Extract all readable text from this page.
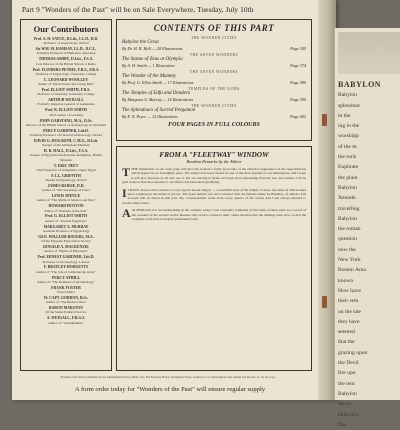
Part 9 "Wonders of the Past" will be on Sale Everywhere, Tuesday, July 10th
Our Contributors
Prof. A. H. SAYCE, D.Litt., LL.D., D.D.
Professor of Assyriology, Oxford
Sir WM. M. RAMSAY, LL.D., D.C.L.
Formerly Professor of Humanity, Aberdeen
THOMAS ASHBY, D.Litt., F.S.A.
Late Director of the British School at Rome
Prof. FLINDERS PETRIE, F.R.S., F.B.A.
Professor of Egyptology, University College
C. LEONARD WOOLLEY
Author of "Dead Towns and Living Men"
Prof. ELLIOT SMITH, F.R.S.
Professor of Anatomy, University College
ARTHUR WEIGALL
Formerly Inspector-General of Antiquities
Prof. R. ELLIOT SMITH
The Leaders of Learning
JOHN GARSTANG, M.A., D.Sc.
Director of the British School of Archaeology in Jerusalem
PERCY GARDNER, Litt.D.
Formerly Professor of Classical Archaeology, Oxford
DAVID G. HOGARTH, C.M.G., D.Litt.
Keeper of the Ashmolean Museum
H. R. HALL, D.Litt., F.S.A.
Keeper of Egyptian and Assyrian Antiquities, British Museum
T. ERIC PEET
Chief Inspector of Antiquities, Upper Egypt
F. LL. GRIFFITH
Reader in Egyptology, Oxford
JAMES BAIKIE, D.D.
Author of "The Sea Kings of Crete"
LEWIS SPENCE
Author of "The Myths of Mexico and Peru"
HOWARD HOTTON
Editor of "Wonders of the Past"
Prof. G. ELLIOT SMITH
Author of "Ancient Egyptians"
MARGARET A. MURRAY
Assistant Professor of Egyptology
GEO. WILLIAM ROGERS, M.A.
Of the Egyptian Exploration Society
DONALD A. MACKENZIE
Author of "Myths of Babylonia"
Prof. ERNEST GARDNER, Litt.D.
Professor of Archaeology, London
F. BRAYLEY HODGETTS
Author of "The Life of Catherine the Great"
PERCY ATHILL
Author of "The Romance of Archaeology"
FRANK FOSTER
Travel Editor
W. CAPT. GORDON, B.Sc.
Author of "The Buried Cities"
BARON MARSTON
Of the Sudan Political Service
A. WEIGALL, F.R.G.S.
Author of "Tutankhamen"
CONTENTS OF THIS PART
THE WONDER CITIES
Babylon the Great
By Dr. H. R. Hall — 20 Illustrations	Page 345
THE SEVEN WONDERS
The Statue of Zeus at Olympia
By A. H. Smith — 1 Illustration	Page 374
THE SEVEN WONDERS
The Wonder of the Mummy
By Prof. G. Elliot Smith — 17 Illustrations	Page 380
TEMPLES OF THE GODS
The Temples of Edfu and Dendera
By Margaret A. Murray — 14 Illustrations	Page 390
THE WONDER CITIES
The Splendours of Sacred Pergamon
By F. N. Pryce — 12 Illustrations	Page 402
FOUR PAGES IN FULL COLOURS
FROM A "FLEETWAY" WINDOW
Random Remarks by the Editor

TTHE illustration on our back page will give my readers a fairly good idea of the effective appearance of the reproductions which appear in our fortnightly parts. The subject has been chosen as one of the most popular of our illustrations, and I hope it will give pleasure to all who see it. We are striving to make each part more interesting than the last, and readers will be glad to know that the response to our efforts has been most gratifying.

I I HAVE chosen what I think is a very typical Greek subject — a beautiful view of the temple of Zeus, the ruins of which stand upon a plateau in the midst of groves. The great temple was once adorned with the famous statue by Pheidias, of which a full account will be found in this part. My correspondents write from every quarter of the world, and I am always pleased to receive their letters.

AALTHOUGH it is not undertaking in the ordinary sense, I am constantly reminded of the value of these parts as a record of the wonders of the ancient world. Readers who wish to preserve their copies should order the binding cases now, so that the complete work may be kept in permanent form.

Wonders of the Past is published by the Amalgamated Press (1922), Ltd., The Fleetway House, Farringdon Street, London, E.C.4. Subscription rates: Inland and Abroad, 1s. 3d. per copy.
A form order today for "Wonders of the Past" will ensure regular supply
BABYLON
Babylon
splendour
in the
ing in the
worshipp
of the m
the rock
Euphrate
the plain
Babylon
Xenodo
travelling
Babylon
the roman
question
now the
New York
Boston Ama
known
How have
their rem
on the site
they have
seemed
that the
grazing upon
the Devil
fire upo
the tem
Babylon
the ru
Hills of t
fine
